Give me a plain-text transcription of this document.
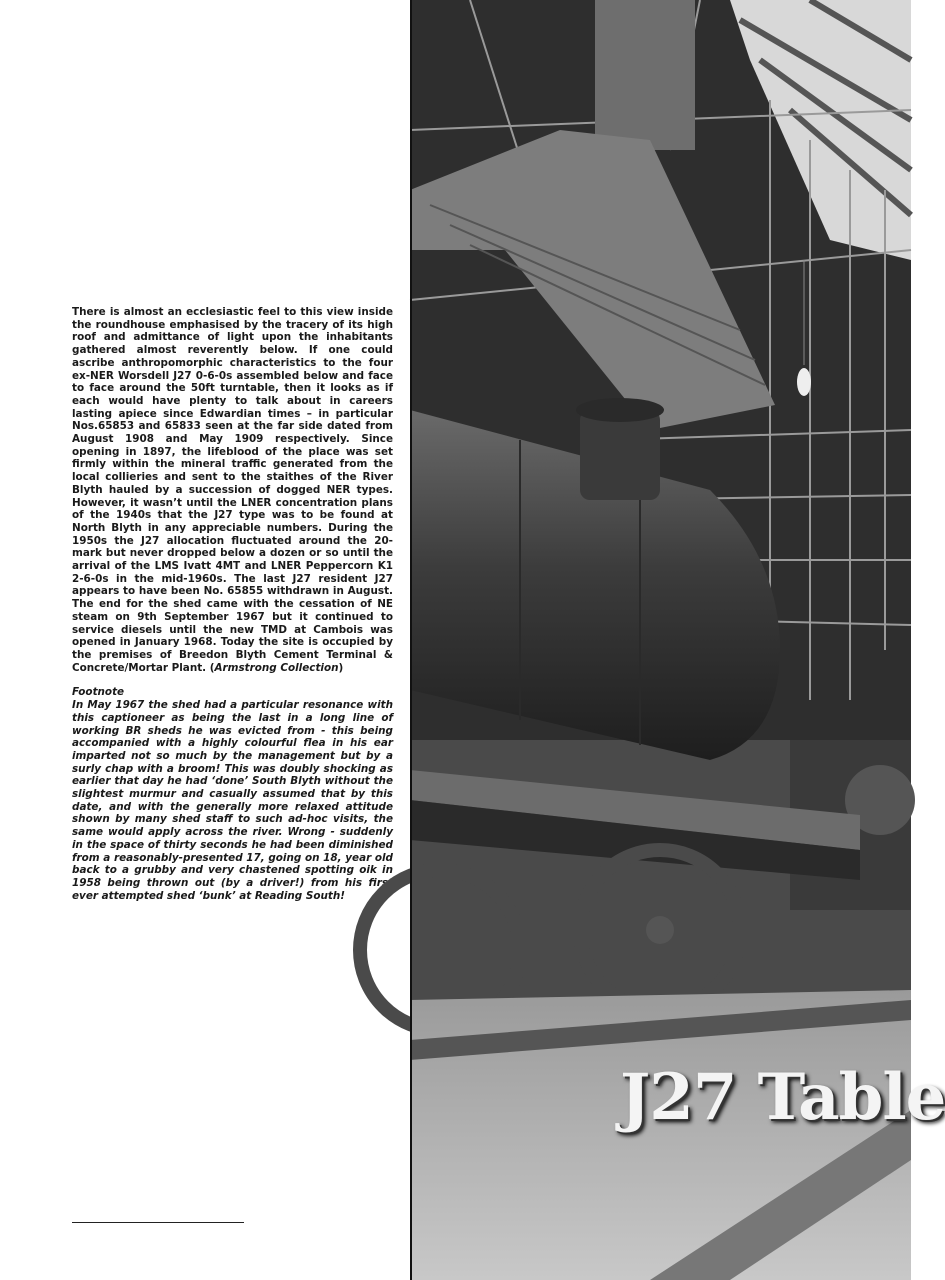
There is almost an ecclesiastic feel to this view inside the roundhouse emphasised by the tracery of its high roof and admittance of light upon the inhabitants gathered almost reverently below. If one could ascribe anthropomorphic characteristics to the four ex-NER Worsdell J27 0-6-0s assembled below and face to face around the 50ft turntable, then it looks as if each would have plenty to talk about in careers lasting apiece since Edwardian times – in particular Nos.65853 and 65833 seen at the far side dated from August 1908 and May 1909 respectively. Since opening in 1897, the lifeblood of the place was set firmly within the mineral traffic generated from the local collieries and sent to the staithes of the River Blyth hauled by a succession of dogged NER types. However, it wasn’t until the LNER concentration plans of the 1940s that the J27 type was to be found at North Blyth in any appreciable numbers. During the 1950s the J27 allocation fluctuated around the 20-mark but never dropped below a dozen or so until the arrival of the LMS Ivatt 4MT and LNER Peppercorn K1 2-6-0s in the mid-1960s. The last J27 resident J27 appears to have been No. 65855 withdrawn in August. The end for the shed came with the cessation of NE steam on 9th September 1967 but it continued to service diesels until the new TMD at Cambois was opened in January 1968. Today the site is occupied by the premises of Breedon Blyth Cement Terminal & Concrete/Mortar Plant. (Armstrong Collection)

Footnote

In May 1967 the shed had a particular resonance with this captioneer as being the last in a long line of working BR sheds he was evicted from - this being accompanied with a highly colourful flea in his ear imparted not so much by the management but by a surly chap with a broom! This was doubly shocking as earlier that day he had ‘done’ South Blyth without the slightest murmur and casually assumed that by this date, and with the generally more relaxed attitude shown by many shed staff to such ad-hoc visits, the same would apply across the river. Wrong - suddenly in the space of thirty seconds he had been diminished from a reasonably-presented 17, going on 18, year old back to a grubby and very chastened spotting oik in 1958 being thrown out (by a driver!) from his first ever attempted shed ‘bunk’ at Reading South!

J27 Table
